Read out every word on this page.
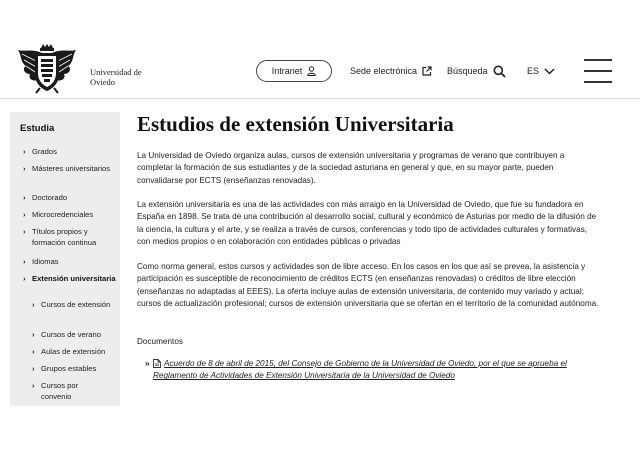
Universidad de
Oviedo
Intranet	Sede electrónica	Búsqueda	ES
Estudia
› Grados
› Másteres universitarios
› Doctorado
› Microcredenciales
› Títulos propios y formación continua
› Idiomas
› Extensión universitaria
› Cursos de extensión
› Cursos de verano
› Aulas de extensión
› Grupos estables
› Cursos por convenio
Estudios de extensión Universitaria

La Universidad de Oviedo organiza aulas, cursos de extensión universitaria y programas de verano que contribuyen a completar la formación de sus estudiantes y de la sociedad asturiana en general y que, en su mayor parte, pueden convalidarse por ECTS (enseñanzas renovadas).

La extensión universitaria es una de las actividades con más arraigo en la Universidad de Oviedo, que fue su fundadora en España en 1898. Se trata de una contribución al desarrollo social, cultural y económico de Asturias por medio de la difusión de la ciencia, la cultura y el arte, y se realiza a través de cursos, conferencias y todo tipo de actividades culturales y formativas, con medios propios o en colaboración con entidades públicas o privadas

Como norma general, estos cursos y actividades son de libre acceso. En los casos en los que así se prevea, la asistencia y participación es susceptible de reconocimiento de créditos ECTS (en enseñanzas renovadas) o créditos de libre elección (enseñanzas no adaptadas al EEES). La oferta incluye aulas de extensión universitaria, de contenido muy variado y actual; cursos de actualización profesional; cursos de extensión universitaria que se ofertan en el territorio de la comunidad autónoma.

Documentos
»	Acuerdo de 8 de abril de 2015, del Consejo de Gobierno de la Universidad de Oviedo, por el que se aprueba el Reglamento de Actividades de Extensión Universitaria de la Universidad de Oviedo
